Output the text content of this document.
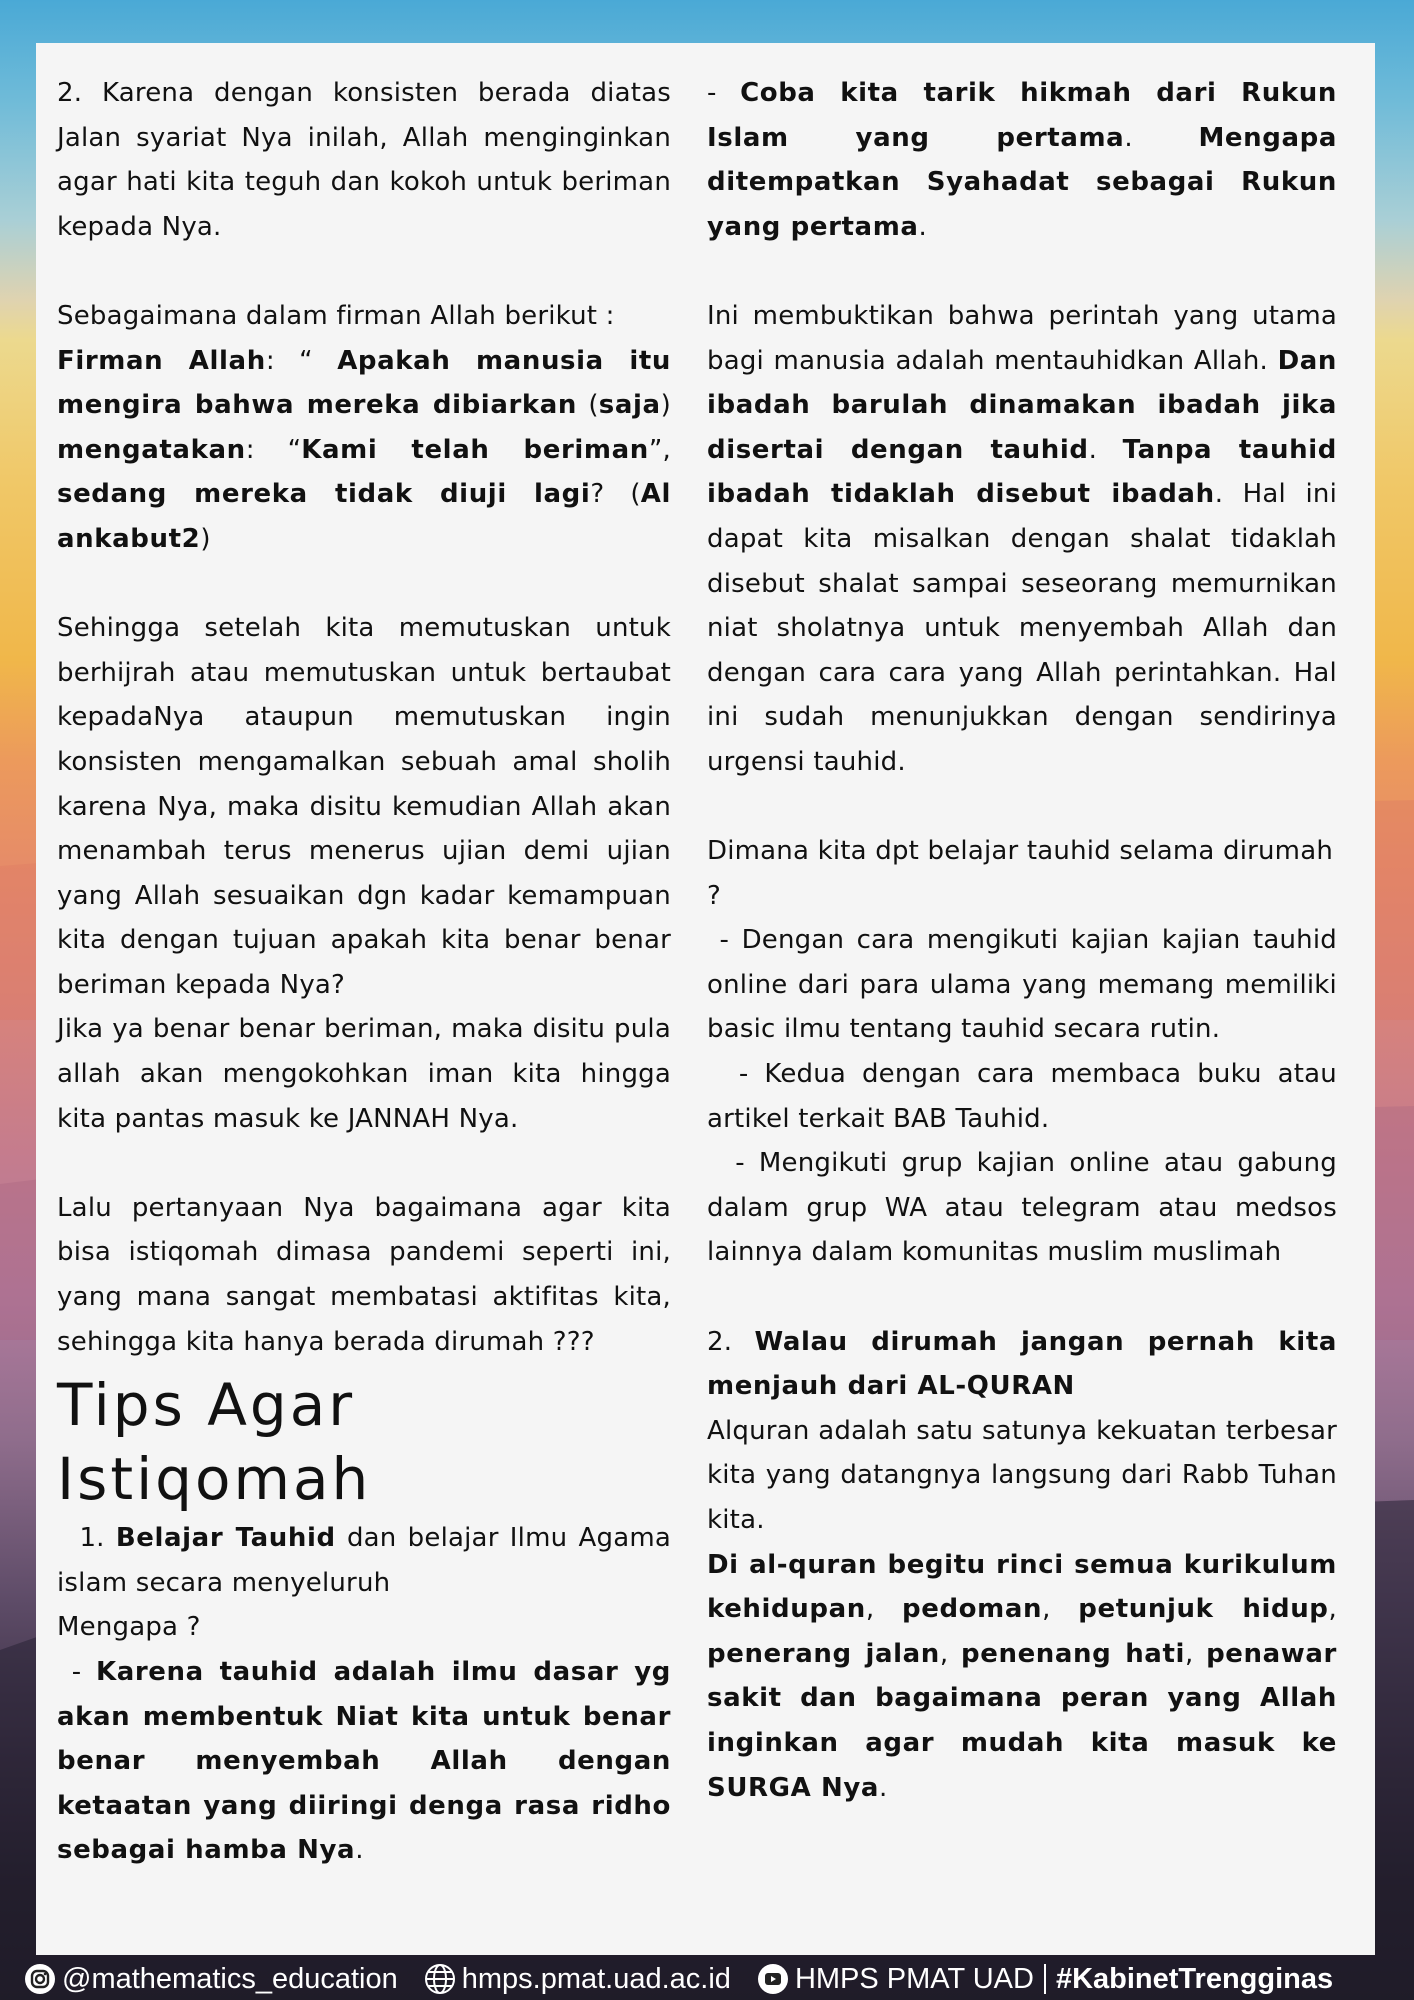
2. Karena dengan konsisten berada diatas Jalan syariat Nya inilah, Allah menginginkan agar hati kita teguh dan kokoh untuk beriman kepada Nya.

Sebagaimana dalam firman Allah berikut :

Firman Allah: “ Apakah manusia itu mengira bahwa mereka dibiarkan (saja) mengatakan: “Kami telah beriman”, sedang mereka tidak diuji lagi? (Al ankabut2)

Sehingga setelah kita memutuskan untuk berhijrah atau memutuskan untuk bertaubat kepadaNya ataupun memutuskan ingin konsisten mengamalkan sebuah amal sholih karena Nya, maka disitu kemudian Allah akan menambah terus menerus ujian demi ujian yang Allah sesuaikan dgn kadar kemampuan kita dengan tujuan apakah kita benar benar beriman kepada Nya?

Jika ya benar benar beriman, maka disitu pula allah akan mengokohkan iman kita hingga kita pantas masuk ke JANNAH Nya.

Lalu pertanyaan Nya bagaimana agar kita bisa istiqomah dimasa pandemi seperti ini, yang mana sangat membatasi aktifitas kita, sehingga kita hanya berada dirumah ???

Tips Agar Istiqomah

1. Belajar Tauhid dan belajar Ilmu Agama islam secara menyeluruh

Mengapa ?

- Karena tauhid adalah ilmu dasar yg akan membentuk Niat kita untuk benar benar menyembah Allah dengan ketaatan yang diiringi denga rasa ridho sebagai hamba Nya.

- Coba kita tarik hikmah dari Rukun Islam yang pertama. Mengapa ditempatkan Syahadat sebagai Rukun yang pertama.

Ini membuktikan bahwa perintah yang utama bagi manusia adalah mentauhidkan Allah. Dan ibadah barulah dinamakan ibadah jika disertai dengan tauhid. Tanpa tauhid ibadah tidaklah disebut ibadah. Hal ini dapat kita misalkan dengan shalat tidaklah disebut shalat sampai seseorang memurnikan niat sholatnya untuk menyembah Allah dan dengan cara cara yang Allah perintahkan. Hal ini sudah menunjukkan dengan sendirinya urgensi tauhid.

Dimana kita dpt belajar tauhid selama dirumah ?

- Dengan cara mengikuti kajian kajian tauhid online dari para ulama yang memang memiliki basic ilmu tentang tauhid secara rutin.

- Kedua dengan cara membaca buku atau artikel terkait BAB Tauhid.

- Mengikuti grup kajian online atau gabung dalam grup WA atau telegram atau medsos lainnya dalam komunitas muslim muslimah

2. Walau dirumah jangan pernah kita menjauh dari AL-QURAN

Alquran adalah satu satunya kekuatan terbesar kita yang datangnya langsung dari Rabb Tuhan kita.

Di al-quran begitu rinci semua kurikulum kehidupan, pedoman, petunjuk hidup, penerang jalan, penenang hati, penawar sakit dan bagaimana peran yang Allah inginkan agar mudah kita masuk ke SURGA Nya.

@mathematics_education hmps.pmat.uad.ac.id HMPS PMAT UAD #KabinetTrengginas
